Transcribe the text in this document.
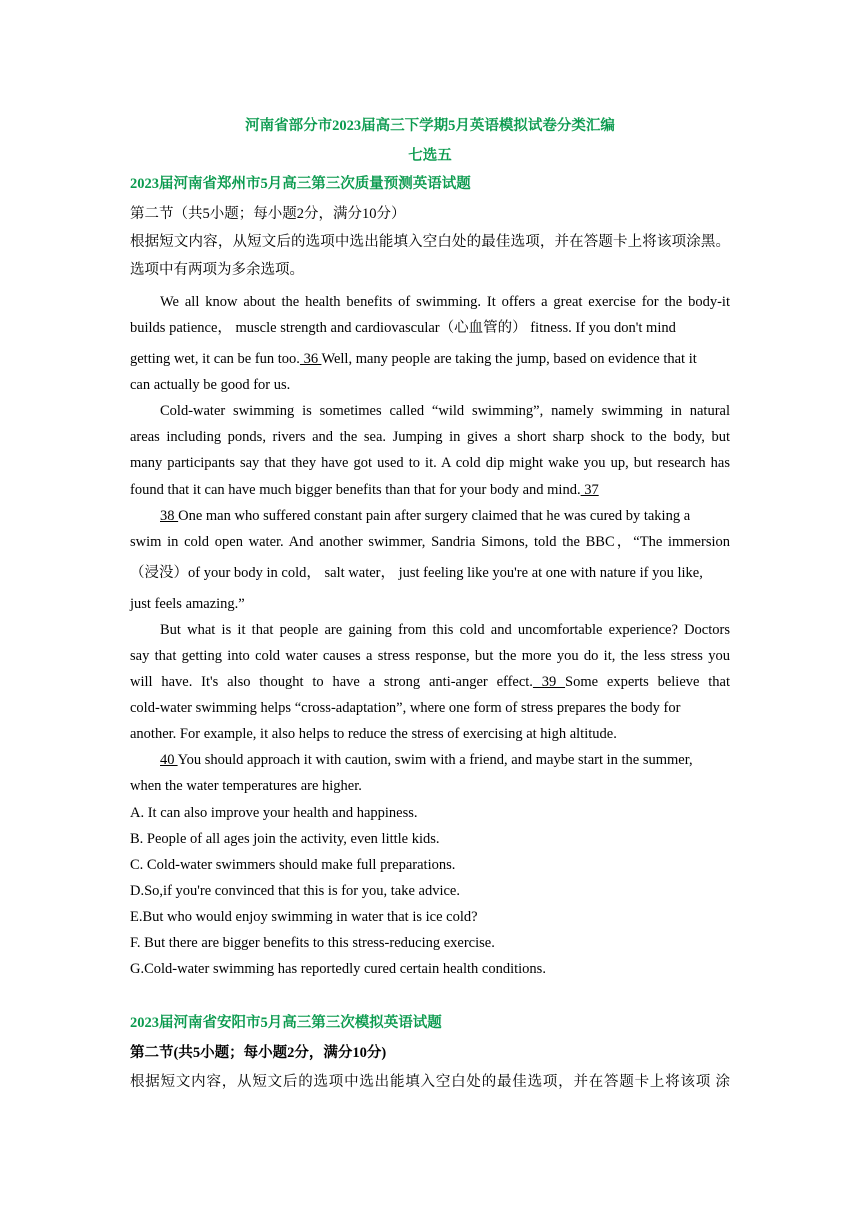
河南省部分市2023届高三下学期5月英语模拟试卷分类汇编
七选五
2023届河南省郑州市5月高三第三次质量预测英语试题
第二节（共5小题；每小题2分，满分10分）
根据短文内容，从短文后的选项中选出能填入空白处的最佳选项，并在答题卡上将该项涂黑。
选项中有两项为多余选项。
We all know about the health benefits of swimming. It offers a great exercise for the body-it
builds patience， muscle strength and cardiovascular（心血管的） fitness. If you don't mind
getting wet, it can be fun too. 36 Well, many people are taking the jump, based on evidence that it
can actually be good for us.
Cold-water swimming is sometimes called “wild swimming”, namely swimming in natural
areas including ponds, rivers and the sea. Jumping in gives a short sharp shock to the body, but
many participants say that they have got used to it. A cold dip might wake you up, but research has
found that it can have much bigger benefits than that for your body and mind. 37
38 One man who suffered constant pain after surgery claimed that he was cured by taking a
swim in cold open water. And another swimmer, Sandria Simons, told the BBC，“The immersion
（浸没）of your body in cold， salt water， just feeling like you're at one with nature if you like,
just feels amazing.”
But what is it that people are gaining from this cold and uncomfortable experience? Doctors
say that getting into cold water causes a stress response, but the more you do it, the less stress you
will have. It's also thought to have a strong anti-anger effect. 39 Some experts believe that
cold-water swimming helps “cross-adaptation”, where one form of stress prepares the body for
another. For example, it also helps to reduce the stress of exercising at high altitude.
40 You should approach it with caution, swim with a friend, and maybe start in the summer,
when the water temperatures are higher.
A. It can also improve your health and happiness.
B. People of all ages join the activity, even little kids.
C. Cold-water swimmers should make full preparations.
D.So,if you're convinced that this is for you, take advice.
E.But who would enjoy swimming in water that is ice cold?
F. But there are bigger benefits to this stress-reducing exercise.
G.Cold-water swimming has reportedly cured certain health conditions.
2023届河南省安阳市5月高三第三次模拟英语试题
第二节(共5小题；每小题2分，满分10分)
根据短文内容，从短文后的选项中选出能填入空白处的最佳选项，并在答题卡上将该项 涂
